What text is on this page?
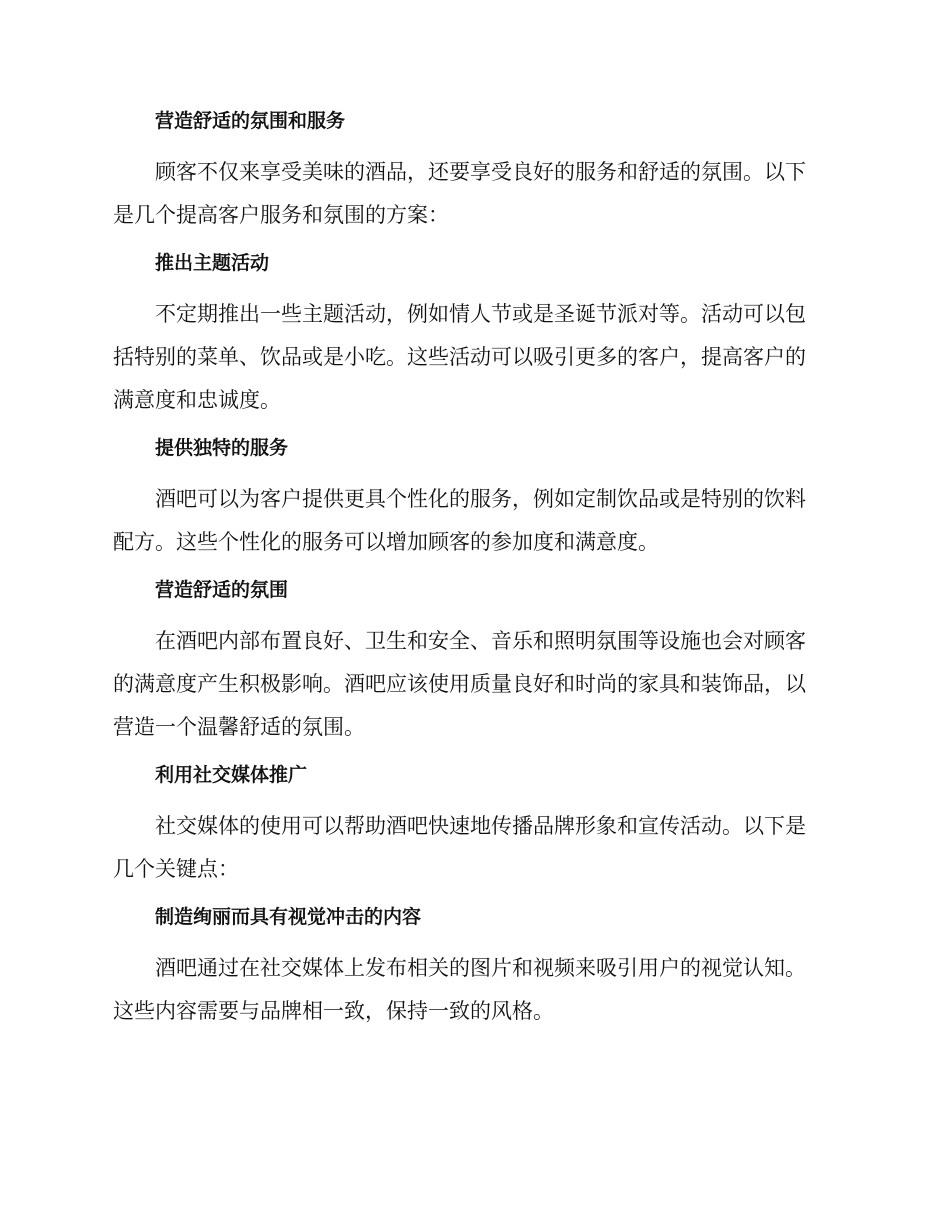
营造舒适的氛围和服务
顾客不仅来享受美味的酒品，还要享受良好的服务和舒适的氛围。以下
是几个提高客户服务和氛围的方案：
推出主题活动
不定期推出一些主题活动，例如情人节或是圣诞节派对等。活动可以包
括特别的菜单、饮品或是小吃。这些活动可以吸引更多的客户，提高客户的
满意度和忠诚度。
提供独特的服务
酒吧可以为客户提供更具个性化的服务，例如定制饮品或是特别的饮料
配方。这些个性化的服务可以增加顾客的参加度和满意度。
营造舒适的氛围
在酒吧内部布置良好、卫生和安全、音乐和照明氛围等设施也会对顾客
的满意度产生积极影响。酒吧应该使用质量良好和时尚的家具和装饰品，以
营造一个温馨舒适的氛围。
利用社交媒体推广
社交媒体的使用可以帮助酒吧快速地传播品牌形象和宣传活动。以下是
几个关键点：
制造绚丽而具有视觉冲击的内容
酒吧通过在社交媒体上发布相关的图片和视频来吸引用户的视觉认知。
这些内容需要与品牌相一致，保持一致的风格。
